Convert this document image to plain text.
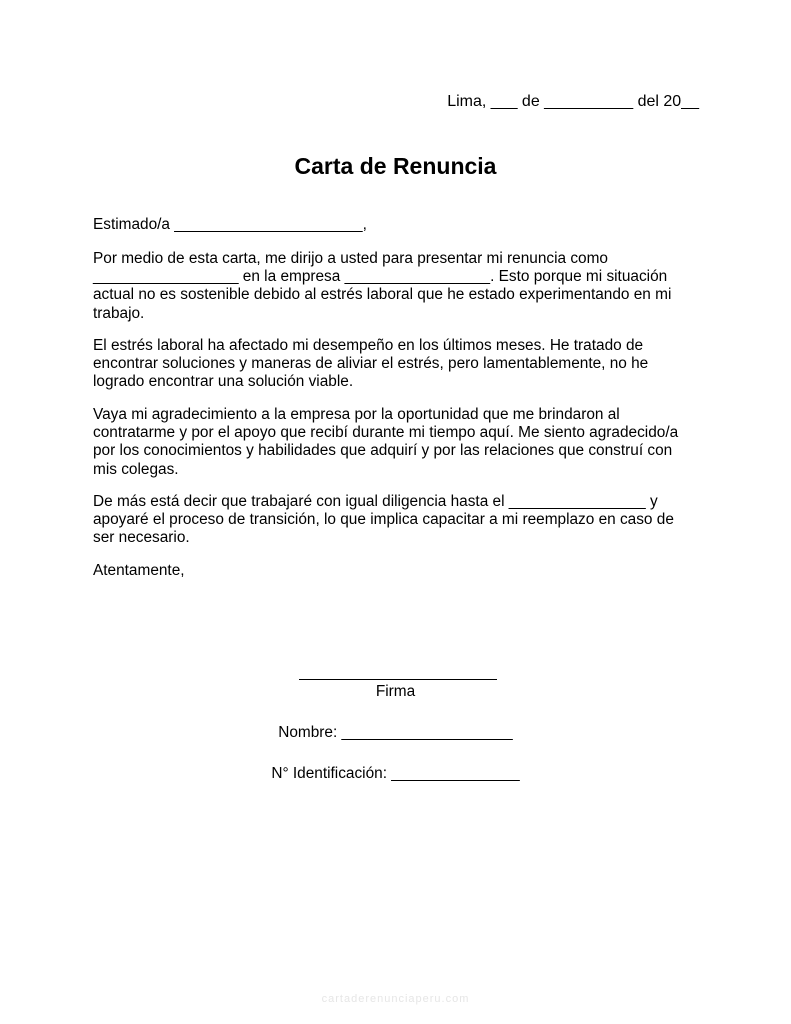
Lima, ___ de __________ del 20__
Carta de Renuncia
Estimado/a ______________________,
Por medio de esta carta, me dirijo a usted para presentar mi renuncia como
_________________ en la empresa _________________. Esto porque mi situación
actual no es sostenible debido al estrés laboral que he estado experimentando en mi
trabajo.
El estrés laboral ha afectado mi desempeño en los últimos meses. He tratado de
encontrar soluciones y maneras de aliviar el estrés, pero lamentablemente, no he
logrado encontrar una solución viable.
Vaya mi agradecimiento a la empresa por la oportunidad que me brindaron al
contratarme y por el apoyo que recibí durante mi tiempo aquí. Me siento agradecido/a
por los conocimientos y habilidades que adquirí y por las relaciones que construí con
mis colegas.
De más está decir que trabajaré con igual diligencia hasta el ________________ y
apoyaré el proceso de transición, lo que implica capacitar a mi reemplazo en caso de
ser necesario.
Atentamente,
Firma
Nombre: ____________________
N° Identificación: _______________
cartaderenunciaperu.com
